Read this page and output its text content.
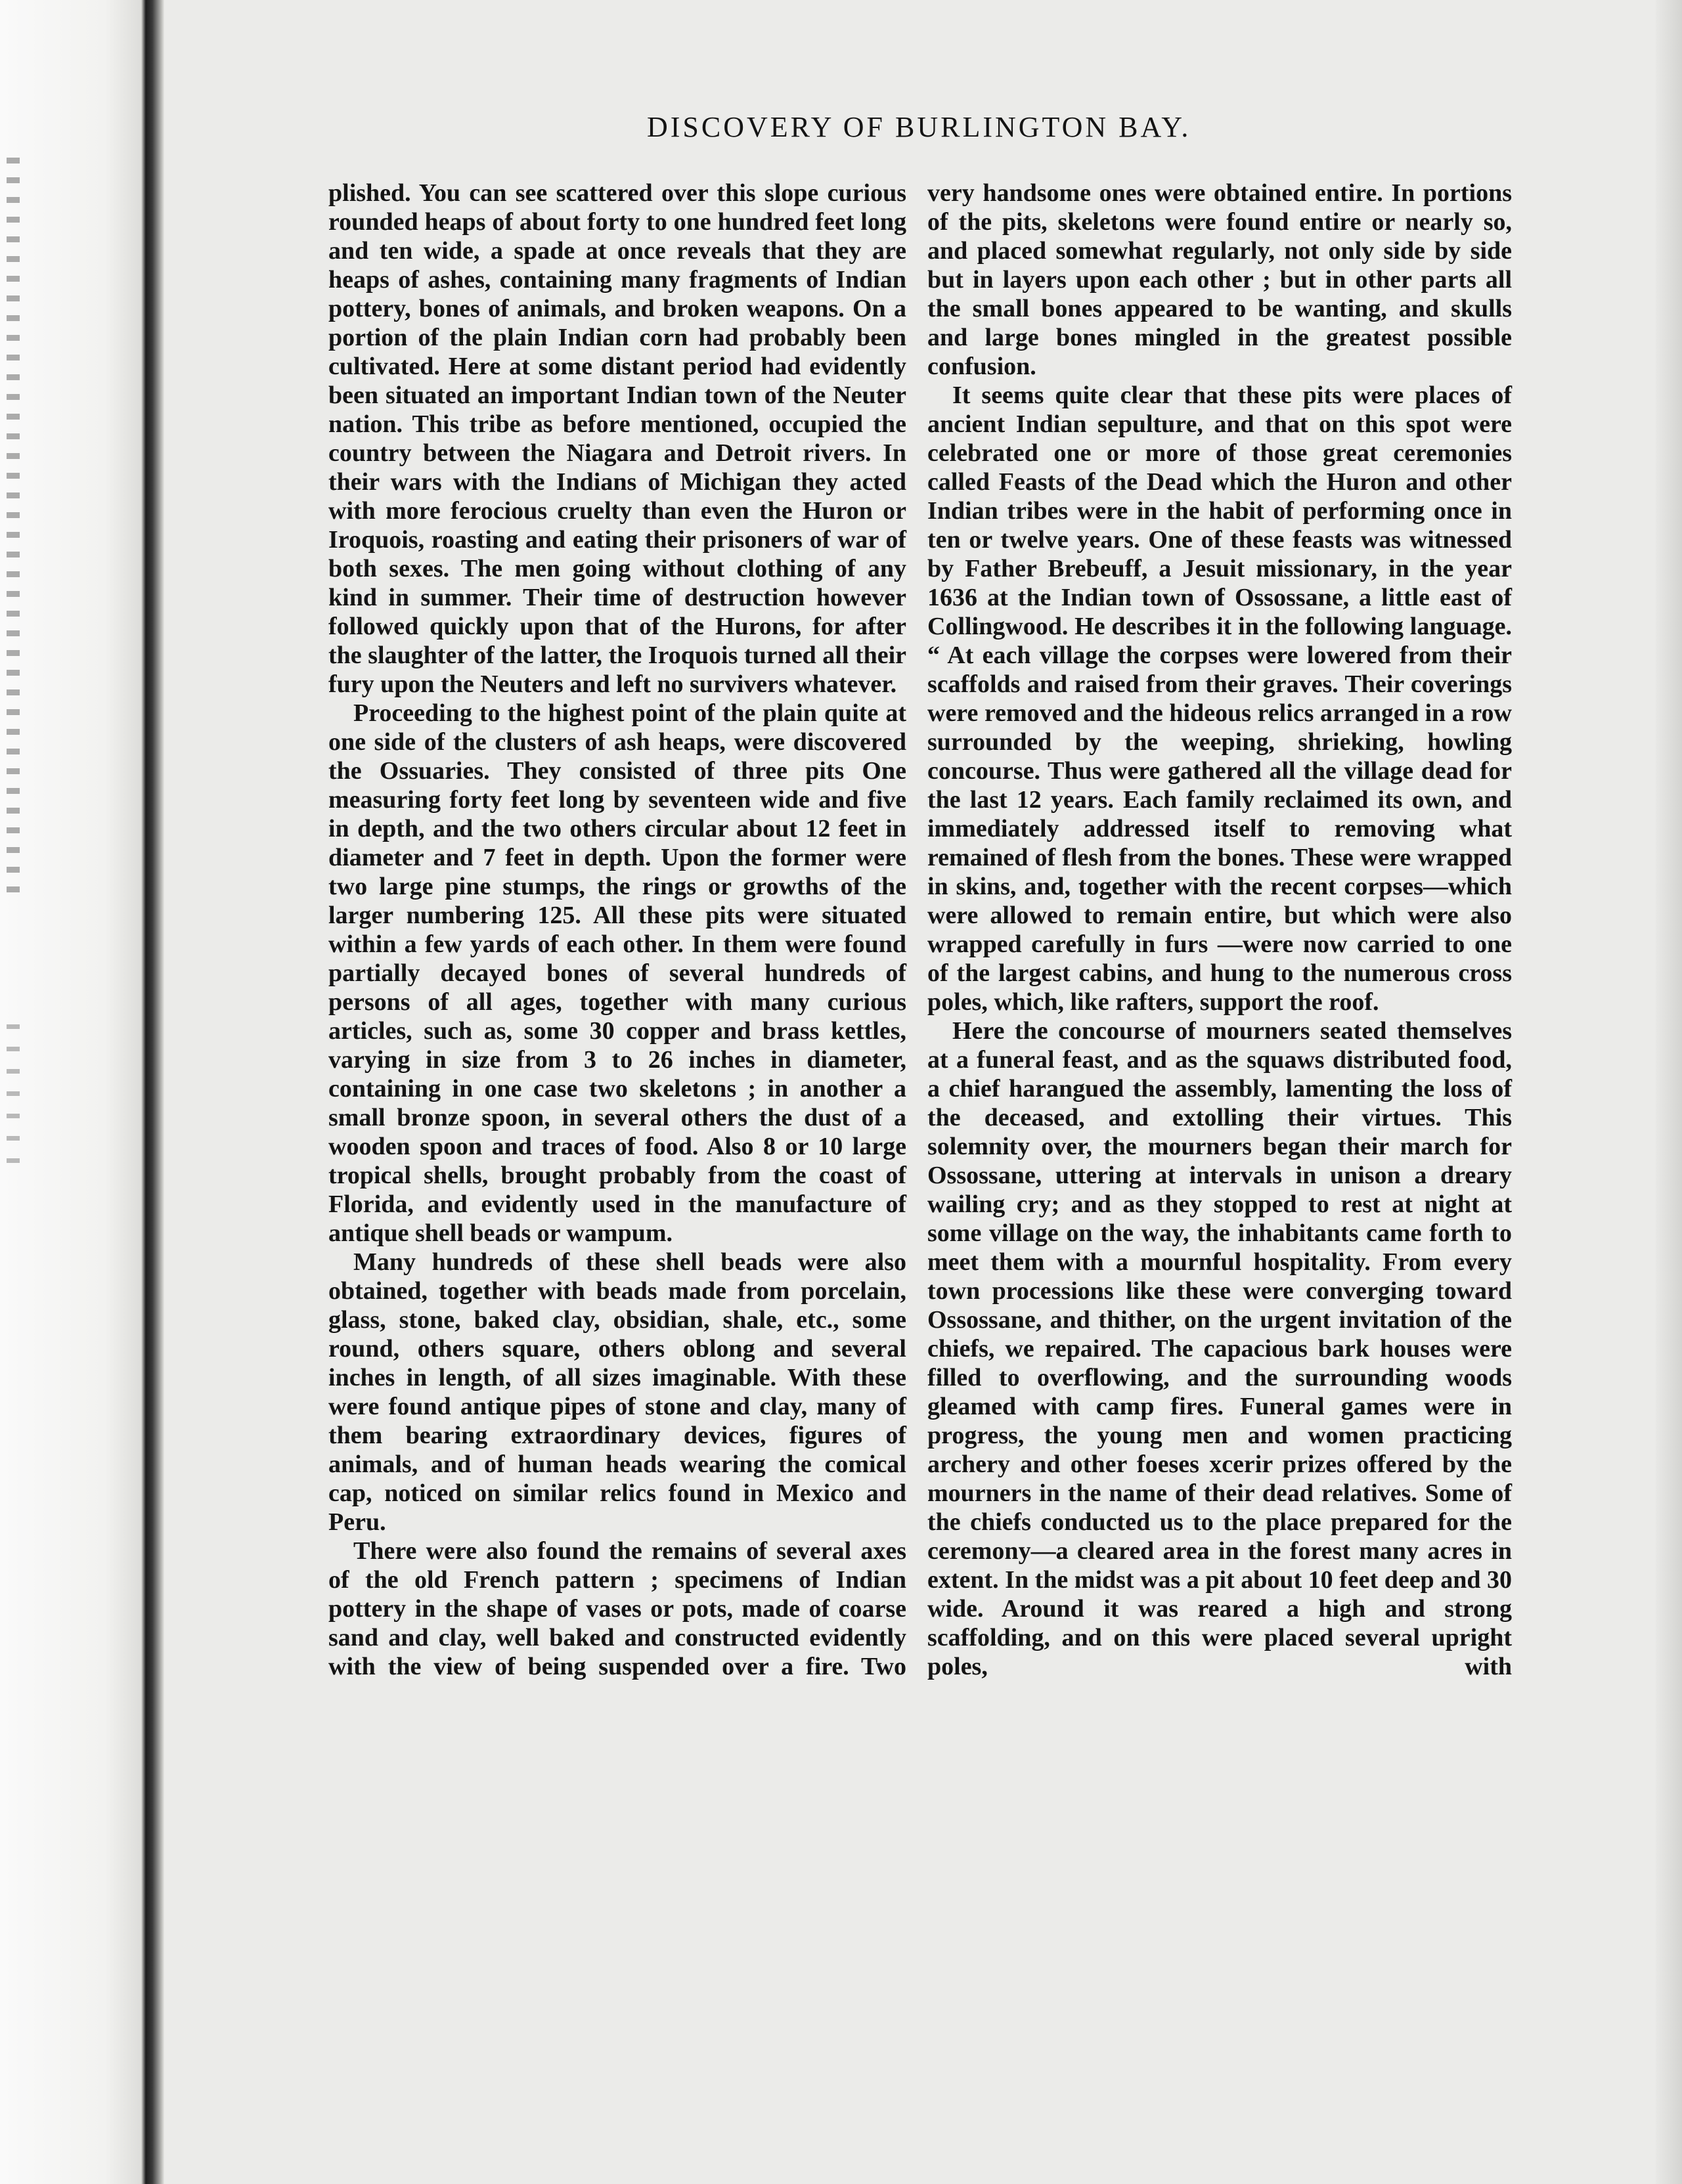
DISCOVERY OF BURLINGTON BAY.

plished. You can see scattered over this slope curious rounded heaps of about forty to one hundred feet long and ten wide, a spade at once reveals that they are heaps of ashes, containing many fragments of Indian pottery, bones of animals, and broken weapons. On a portion of the plain Indian corn had probably been cultivated. Here at some distant period had evidently been situated an important Indian town of the Neuter nation. This tribe as before mentioned, occupied the country between the Niagara and Detroit rivers. In their wars with the Indians of Michigan they acted with more ferocious cruelty than even the Huron or Iroquois, roasting and eating their prisoners of war of both sexes. The men going without clothing of any kind in summer. Their time of destruction however followed quickly upon that of the Hurons, for after the slaughter of the latter, the Iroquois turned all their fury upon the Neuters and left no survivers whatever.

Proceeding to the highest point of the plain quite at one side of the clusters of ash heaps, were discovered the Ossuaries. They consisted of three pits One measuring forty feet long by seventeen wide and five in depth, and the two others circular about 12 feet in diameter and 7 feet in depth. Upon the former were two large pine stumps, the rings or growths of the larger numbering 125. All these pits were situated within a few yards of each other. In them were found partially decayed bones of several hundreds of persons of all ages, together with many curious articles, such as, some 30 copper and brass kettles, varying in size from 3 to 26 inches in diameter, containing in one case two skeletons ; in another a small bronze spoon, in several others the dust of a wooden spoon and traces of food. Also 8 or 10 large tropical shells, brought probably from the coast of Florida, and evidently used in the manufacture of antique shell beads or wampum.

Many hundreds of these shell beads were also obtained, together with beads made from porcelain, glass, stone, baked clay, obsidian, shale, etc., some round, others square, others oblong and several inches in length, of all sizes imaginable. With these were found antique pipes of stone and clay, many of them bearing extraordinary devices, figures of animals, and of human heads wearing the comical cap, noticed on similar relics found in Mexico and Peru.

There were also found the remains of several axes of the old French pattern ; specimens of Indian pottery in the shape of vases or pots, made of coarse sand and clay, well baked and constructed evidently with the view of being suspended over a fire. Two

very handsome ones were obtained entire. In portions of the pits, skeletons were found entire or nearly so, and placed somewhat regularly, not only side by side but in layers upon each other ; but in other parts all the small bones appeared to be wanting, and skulls and large bones mingled in the greatest possible confusion.

It seems quite clear that these pits were places of ancient Indian sepulture, and that on this spot were celebrated one or more of those great ceremonies called Feasts of the Dead which the Huron and other Indian tribes were in the habit of performing once in ten or twelve years. One of these feasts was witnessed by Father Brebeuff, a Jesuit missionary, in the year 1636 at the Indian town of Ossossane, a little east of Collingwood. He describes it in the following language. “ At each village the corpses were lowered from their scaffolds and raised from their graves. Their coverings were removed and the hideous relics arranged in a row surrounded by the weeping, shrieking, howling concourse. Thus were gathered all the village dead for the last 12 years. Each family reclaimed its own, and immediately addressed itself to removing what remained of flesh from the bones. These were wrapped in skins, and, together with the recent corpses—which were allowed to remain entire, but which were also wrapped carefully in furs —were now carried to one of the largest cabins, and hung to the numerous cross poles, which, like rafters, support the roof.

Here the concourse of mourners seated themselves at a funeral feast, and as the squaws distributed food, a chief harangued the assembly, lamenting the loss of the deceased, and extolling their virtues. This solemnity over, the mourners began their march for Ossossane, uttering at intervals in unison a dreary wailing cry; and as they stopped to rest at night at some village on the way, the inhabitants came forth to meet them with a mournful hospitality. From every town processions like these were converging toward Ossossane, and thither, on the urgent invitation of the chiefs, we repaired. The capacious bark houses were filled to overflowing, and the surrounding woods gleamed with camp fires. Funeral games were in progress, the young men and women practicing archery and other foeses xcerir prizes offered by the mourners in the name of their dead relatives. Some of the chiefs conducted us to the place prepared for the ceremony—a cleared area in the forest many acres in extent. In the midst was a pit about 10 feet deep and 30 wide. Around it was reared a high and strong scaffolding, and on this were placed several upright poles, with
